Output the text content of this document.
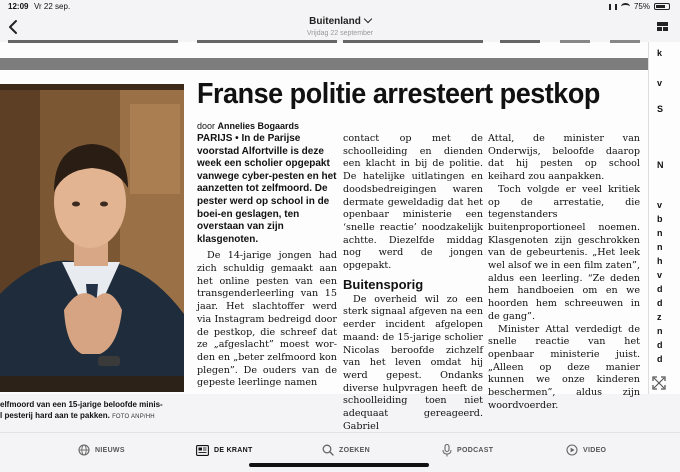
12:09 Vr 22 sep.	75%
Buitenland
Vrijdag 22 september
elfmoord van een 15-jarige beloofde minis-
l pesterij hard aan te pakken. FOTO ANP/HH
Franse politie arresteert pestkop
door Annelies Bogaards

PARIJS • In de Parijse voorstad Alfortville is deze week een scholier opgepakt vanwege cyber-pesten en het aanzetten tot zelfmoord. De pester werd op school in de boei-en geslagen, ten overstaan van zijn klasgenoten.

De 14-jarige jongen had zich schuldig gemaakt aan het online pesten van een transgenderleerling van 15 jaar. Het slachtoffer werd via Instagram bedreigd door de pestkop, die schreef dat ze „afgeslacht” moest wor-den en „beter zelfmoord kon plegen”. De ouders van de gepeste leerlinge namen

contact op met de schoolleiding en dienden een klacht in bij de politie. De hatelijke uitlatingen en doodsbedreigingen waren dermate geweldadig dat het openbaar ministerie een ‘snelle reactie’ noodzakelijk achtte. Diezelfde middag nog werd de jongen opgepakt.

Buitensporig

De overheid wil zo een sterk signaal afgeven na een eerder incident afgelopen maand: de 15-jarige scholier Nicolas beroofde zichzelf van het leven omdat hij werd gepest. Ondanks diverse hulpvragen heeft de schoolleiding toen niet adequaat gereageerd. Gabriel

Attal, de minister van Onderwijs, beloofde daarop dat hij pesten op school keihard zou aanpakken.

Toch volgde er veel kritiek op de arrestatie, die tegenstanders buitenproportioneel noemen. Klasgenoten zijn geschrokken van de gebeurtenis. „Het leek wel alsof we in een film zaten”, aldus een leerling. “Ze deden hem handboeien om en we hoorden hem schreeuwen in de gang”.

Minister Attal verdedigt de snelle reactie van het openbaar ministerie juist. „Alleen op deze manier kunnen we onze kinderen beschermen”, aldus zijn woordvoerder.

k
v
S
N
v
b
n
n
h
v
d
d
z
n
d
d
NIEUWS	DE KRANT	ZOEKEN	PODCAST	VIDEO
